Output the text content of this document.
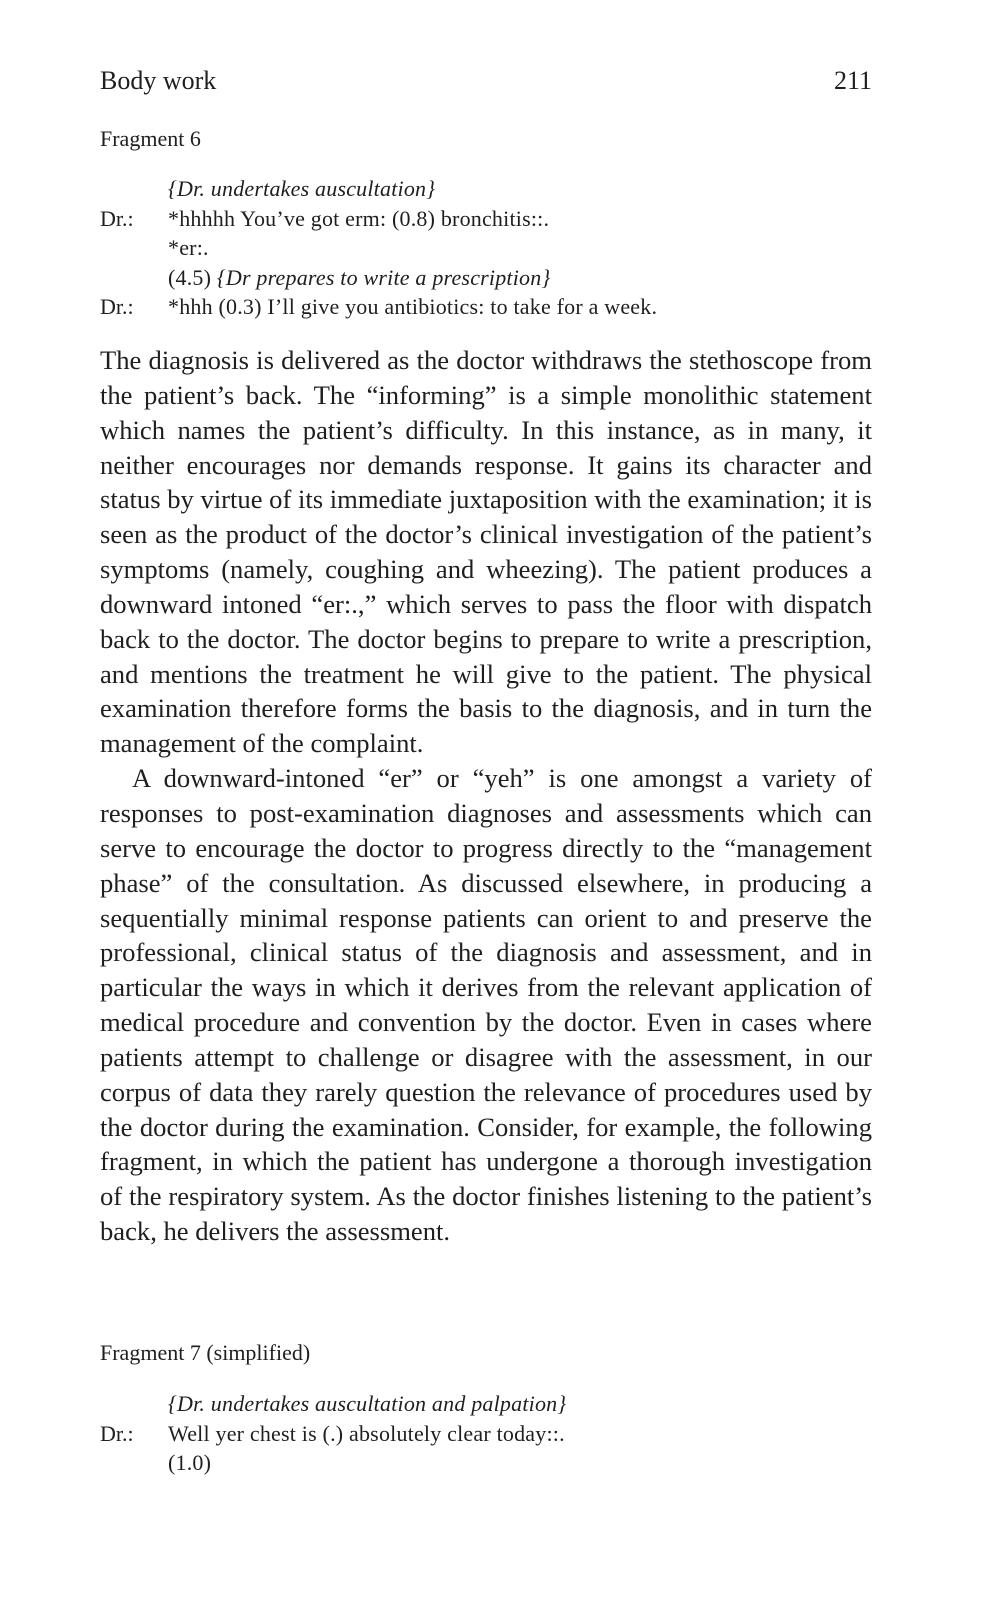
Body work	211
Fragment 6
{Dr. undertakes auscultation}
Dr.: *hhhhh You’ve got erm: (0.8) bronchitis::.
*er:.
(4.5) {Dr prepares to write a prescription}
Dr.: *hhh (0.3) I’ll give you antibiotics: to take for a week.

The diagnosis is delivered as the doctor withdraws the stethoscope from the patient’s back. The “informing” is a simple monolithic statement which names the patient’s difficulty. In this instance, as in many, it neither encourages nor demands response. It gains its character and status by virtue of its immediate juxtaposition with the examination; it is seen as the product of the doctor’s clinical investigation of the patient’s symptoms (namely, coughing and wheezing). The patient produces a downward intoned “er:.,” which serves to pass the floor with dispatch back to the doctor. The doctor begins to prepare to write a prescription, and mentions the treatment he will give to the patient. The physical examination therefore forms the basis to the diagnosis, and in turn the management of the complaint.

A downward-intoned “er” or “yeh” is one amongst a variety of responses to post-examination diagnoses and assessments which can serve to encourage the doctor to progress directly to the “management phase” of the consultation. As discussed elsewhere, in producing a sequentially minimal response patients can orient to and preserve the professional, clinical status of the diagnosis and assessment, and in particular the ways in which it derives from the relevant application of medical procedure and convention by the doctor. Even in cases where patients attempt to challenge or disagree with the assessment, in our corpus of data they rarely question the relevance of procedures used by the doctor during the examination. Consider, for example, the following fragment, in which the patient has undergone a thorough investigation of the respiratory system. As the doctor finishes listening to the patient’s back, he delivers the assessment.

Fragment 7 (simplified)
{Dr. undertakes auscultation and palpation}
Dr.: Well yer chest is (.) absolutely clear today::.
(1.0)
